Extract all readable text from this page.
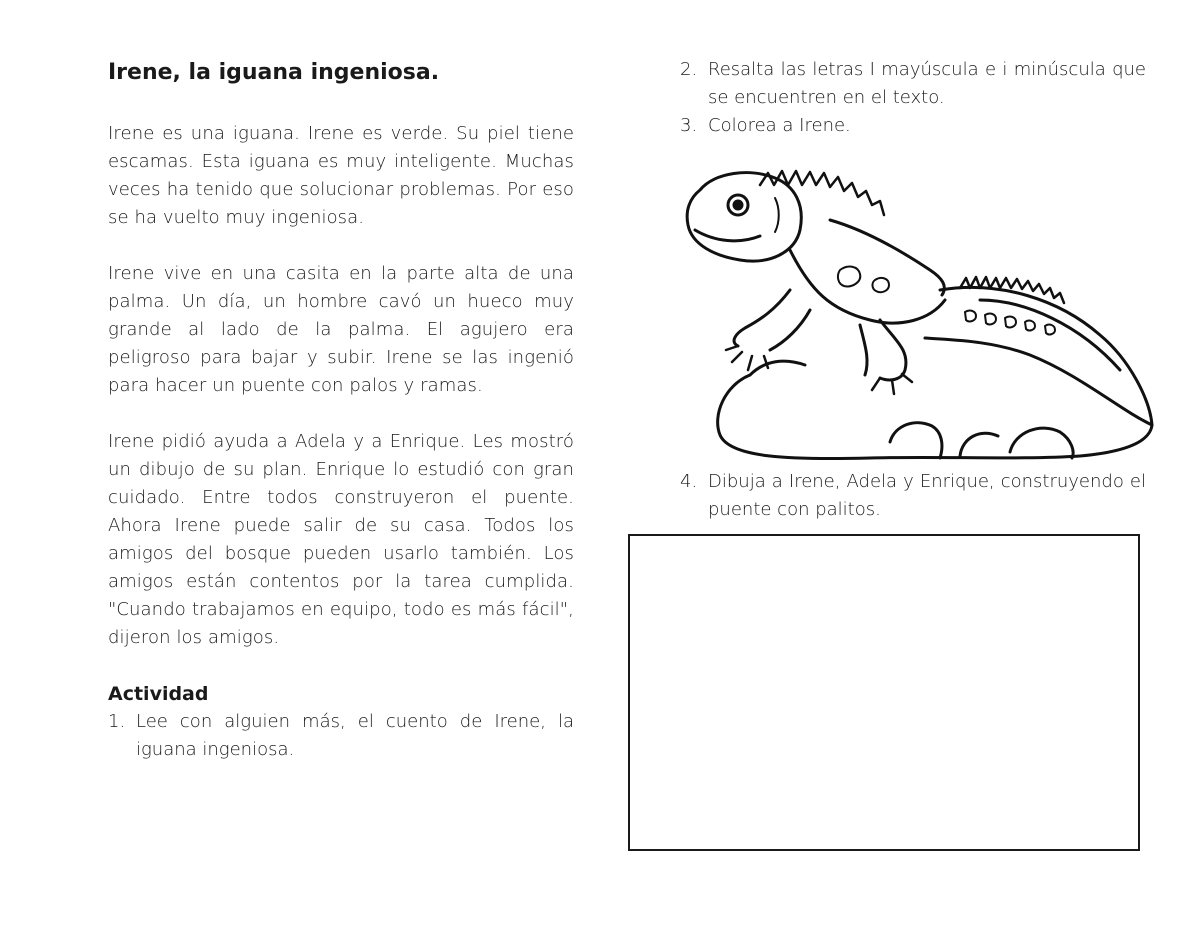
Irene, la iguana ingeniosa.

Irene es una iguana. Irene es verde. Su piel tiene escamas. Esta iguana es muy inteligente. Muchas veces ha tenido que solucionar problemas. Por eso se ha vuelto muy ingeniosa.

Irene vive en una casita en la parte alta de una palma. Un día, un hombre cavó un hueco muy grande al lado de la palma. El agujero era peligroso para bajar y subir. Irene se las ingenió para hacer un puente con palos y ramas.

Irene pidió ayuda a Adela y a Enrique. Les mostró un dibujo de su plan. Enrique lo estudió con gran cuidado. Entre todos construyeron el puente. Ahora Irene puede salir de su casa. Todos los amigos del bosque pueden usarlo también. Los amigos están contentos por la tarea cumplida. "Cuando trabajamos en equipo, todo es más fácil", dijeron los amigos.

Actividad
1. Lee con alguien más, el cuento de Irene, la iguana ingeniosa.
2. Resalta las letras I mayúscula e i minúscula que se encuentren en el texto.
3. Colorea a Irene.
4. Dibuja a Irene, Adela y Enrique, construyendo el puente con palitos.
